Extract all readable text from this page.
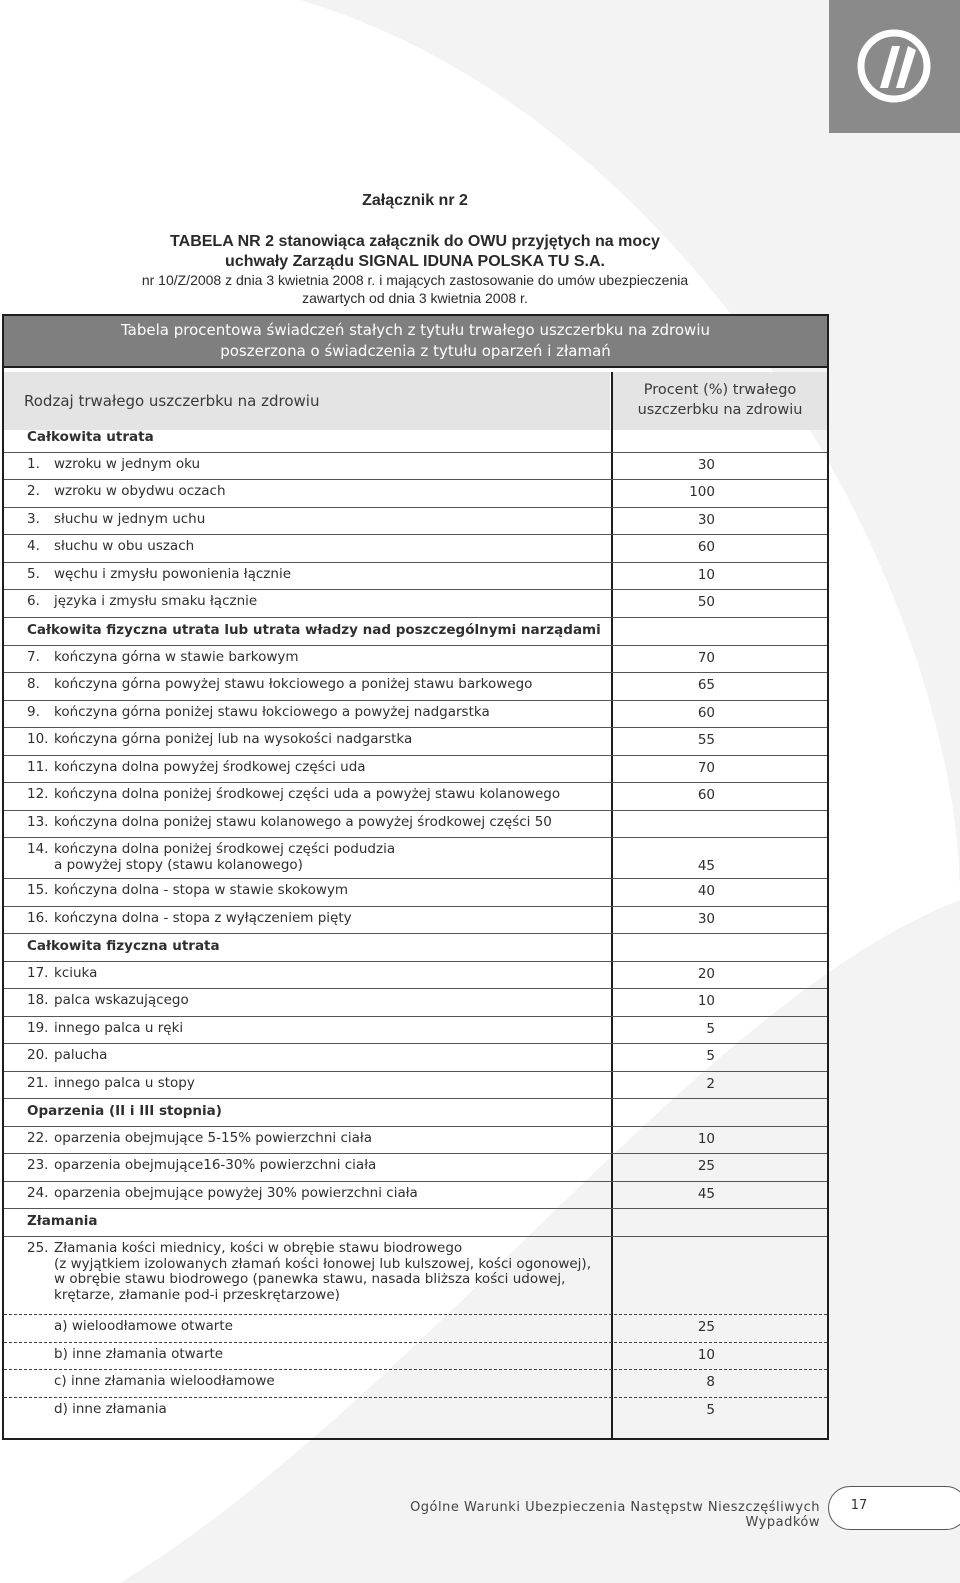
Załącznik nr 2
TABELA NR 2 stanowiąca załącznik do OWU przyjętych na mocy
uchwały Zarządu SIGNAL IDUNA POLSKA TU S.A.
nr 10/Z/2008 z dnia 3 kwietnia 2008 r. i mających zastosowanie do umów ubezpieczenia
zawartych od dnia 3 kwietnia 2008 r.
Tabela procentowa świadczeń stałych z tytułu trwałego uszczerbku na zdrowiu
poszerzona o świadczenia z tytułu oparzeń i złamań
Rodzaj trwałego uszczerbku na zdrowiu
Procent (%) trwałego
uszczerbku na zdrowiu
Całkowita utrata
1. wzroku w jednym oku	30
2. wzroku w obydwu oczach	100
3. słuchu w jednym uchu	30
4. słuchu w obu uszach	60
5. węchu i zmysłu powonienia łącznie	10
6. języka i zmysłu smaku łącznie	50
Całkowita fizyczna utrata lub utrata władzy nad poszczególnymi narządami
7. kończyna górna w stawie barkowym	70
8. kończyna górna powyżej stawu łokciowego a poniżej stawu barkowego	65
9. kończyna górna poniżej stawu łokciowego a powyżej nadgarstka	60
10. kończyna górna poniżej lub na wysokości nadgarstka	55
11. kończyna dolna powyżej środkowej części uda	70
12. kończyna dolna poniżej środkowej części uda a powyżej stawu kolanowego	60
13. kończyna dolna poniżej stawu kolanowego a powyżej środkowej części 50
14. kończyna dolna poniżej środkowej części podudzia
a powyżej stopy (stawu kolanowego)	45
15. kończyna dolna - stopa w stawie skokowym	40
16. kończyna dolna - stopa z wyłączeniem pięty	30
Całkowita fizyczna utrata
17. kciuka	20
18. palca wskazującego	10
19. innego palca u ręki	5
20. palucha	5
21. innego palca u stopy	2
Oparzenia (II i III stopnia)
22. oparzenia obejmujące 5-15% powierzchni ciała	10
23. oparzenia obejmujące16-30% powierzchni ciała	25
24. oparzenia obejmujące powyżej 30% powierzchni ciała	45
Złamania
25. Złamania kości miednicy, kości w obrębie stawu biodrowego
(z wyjątkiem izolowanych złamań kości łonowej lub kulszowej, kości ogonowej),
w obrębie stawu biodrowego (panewka stawu, nasada bliższa kości udowej,
krętarze, złamanie pod-i przeskrętarzowe)
a) wieloodłamowe otwarte	25
b) inne złamania otwarte	10
c) inne złamania wieloodłamowe	8
d) inne złamania	5
Ogólne Warunki Ubezpieczenia Następstw Nieszczęśliwych Wypadków
17
